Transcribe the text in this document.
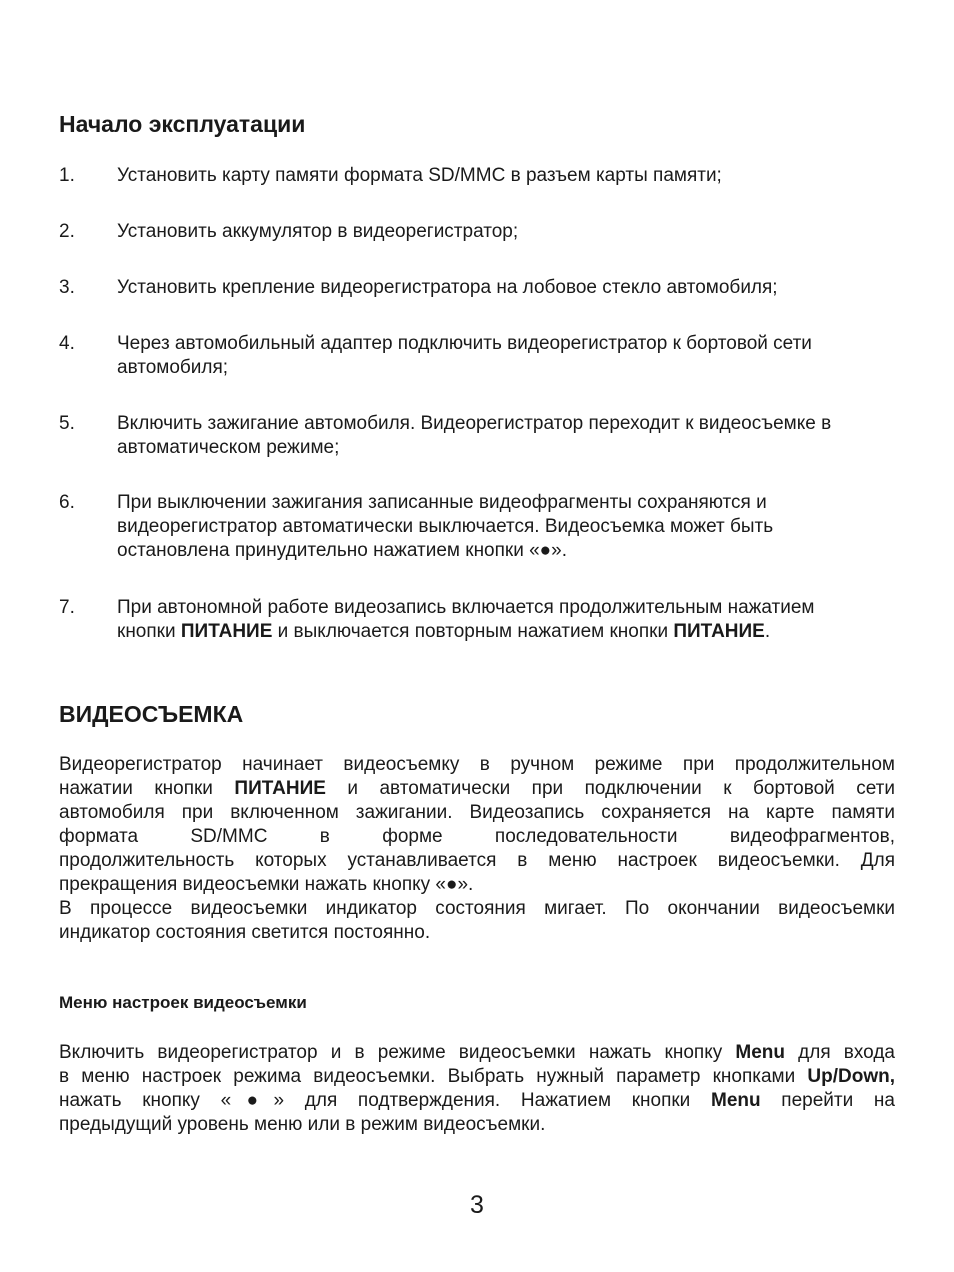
Начало эксплуатации
1.	Установить карту памяти формата SD/MMC в разъем карты памяти;
2.	Установить аккумулятор в видеорегистратор;
3.	Установить крепление видеорегистратора на лобовое стекло автомобиля;
4.	Через автомобильный адаптер подключить видеорегистратор к бортовой сети
автомобиля;
5.	Включить зажигание автомобиля. Видеорегистратор переходит к видеосъемке в
автоматическом режиме;
6.	При выключении зажигания записанные видеофрагменты сохраняются и
видеорегистратор автоматически выключается. Видеосъемка может быть
остановлена принудительно нажатием кнопки «●».
7.	При автономной работе видеозапись включается продолжительным нажатием
кнопки ПИТАНИЕ и выключается повторным нажатием кнопки ПИТАНИЕ.
ВИДЕОСЪЕМКА
Видеорегистратор начинает видеосъемку в ручном режиме при продолжительном
нажатии кнопки ПИТАНИЕ и автоматически при подключении к бортовой сети
автомобиля при включенном зажигании. Видеозапись сохраняется на карте памяти
формата SD/MMC в форме последовательности видеофрагментов,
продолжительность которых устанавливается в меню настроек видеосъемки. Для
прекращения видеосъемки нажать кнопку «●».
В процессе видеосъемки индикатор состояния мигает. По окончании видеосъемки
индикатор состояния светится постоянно.
Меню настроек видеосъемки
Включить видеорегистратор и в режиме видеосъемки нажать кнопку Menu для входа
в меню настроек режима видеосъемки. Выбрать нужный параметр кнопками Up/Down,
нажать кнопку «●» для подтверждения. Нажатием кнопки Menu перейти на
предыдущий уровень меню или в режим видеосъемки.
3
